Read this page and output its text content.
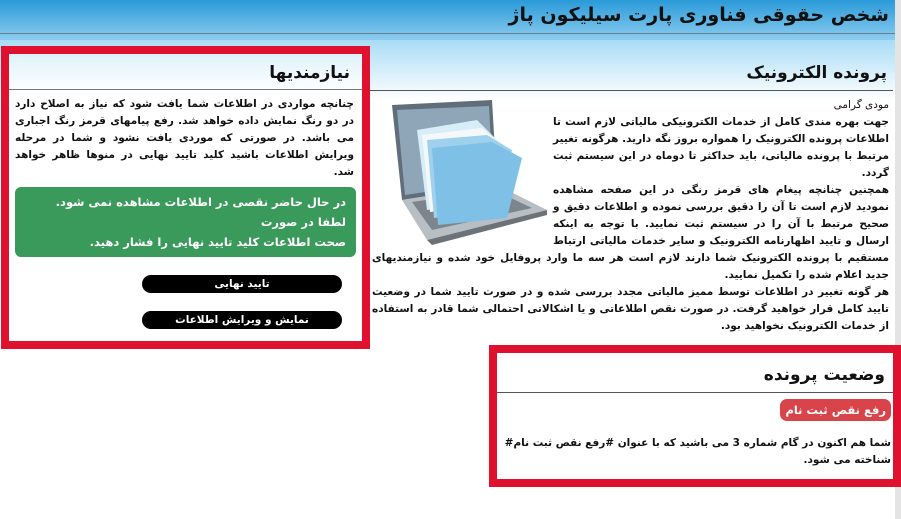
شخص حقوقی فناوری پارت سیلیکون پاژ
پرونده الکترونیک
مودی گرامی
جهت بهره مندی کامل از خدمات الکترونیکی مالیاتی لازم است تا اطلاعات پرونده الکترونیک را همواره بروز نگه دارید. هرگونه تغییر مرتبط با پرونده مالیاتی، باید حداکثر تا دوماه در این سیستم ثبت گردد.
همچنین چنانچه پیغام های قرمز رنگی در این صفحه مشاهده نمودید لازم است تا آن را دقیق بررسی نموده و اطلاعات دقیق و صحیح مرتبط با آن را در سیستم ثبت نمایید. با توجه به اینکه ارسال و تایید اظهارنامه الکترونیک و سایر خدمات مالیاتی ارتباط مستقیم با پرونده الکترونیک شما دارند لازم است هر سه ما وارد پروفایل خود شده و نیازمندیهای جدید اعلام شده را تکمیل نمایید.
هر گونه تغییر در اطلاعات توسط ممیز مالیاتی مجدد بررسی شده و در صورت تایید شما در وضعیت تایید کامل قرار خواهید گرفت. در صورت نقص اطلاعاتی و یا اشکالاتی احتمالی شما قادر به استفاده از خدمات الکترونیک نخواهید بود.
وضعیت پرونده
رفع نقص ثبت نام
شما هم اکنون در گام شماره 3 می باشید که با عنوان #رفع نقص ثبت نام# شناخته می شود.
نیازمندیها
چنانچه مواردی در اطلاعات شما یافت شود که نیاز به اصلاح دارد در دو رنگ نمایش داده خواهد شد. رفع پیامهای قرمز رنگ اجباری می باشد. در صورتی که موردی یافت نشود و شما در مرحله ویرایش اطلاعات باشید کلید تایید نهایی در منوها ظاهر خواهد شد.
در حال حاضر نقصی در اطلاعات مشاهده نمی شود. لطفا در صورت
صحت اطلاعات کلید تایید نهایی را فشار دهید.
تایید نهایی
نمایش و ویرایش اطلاعات
